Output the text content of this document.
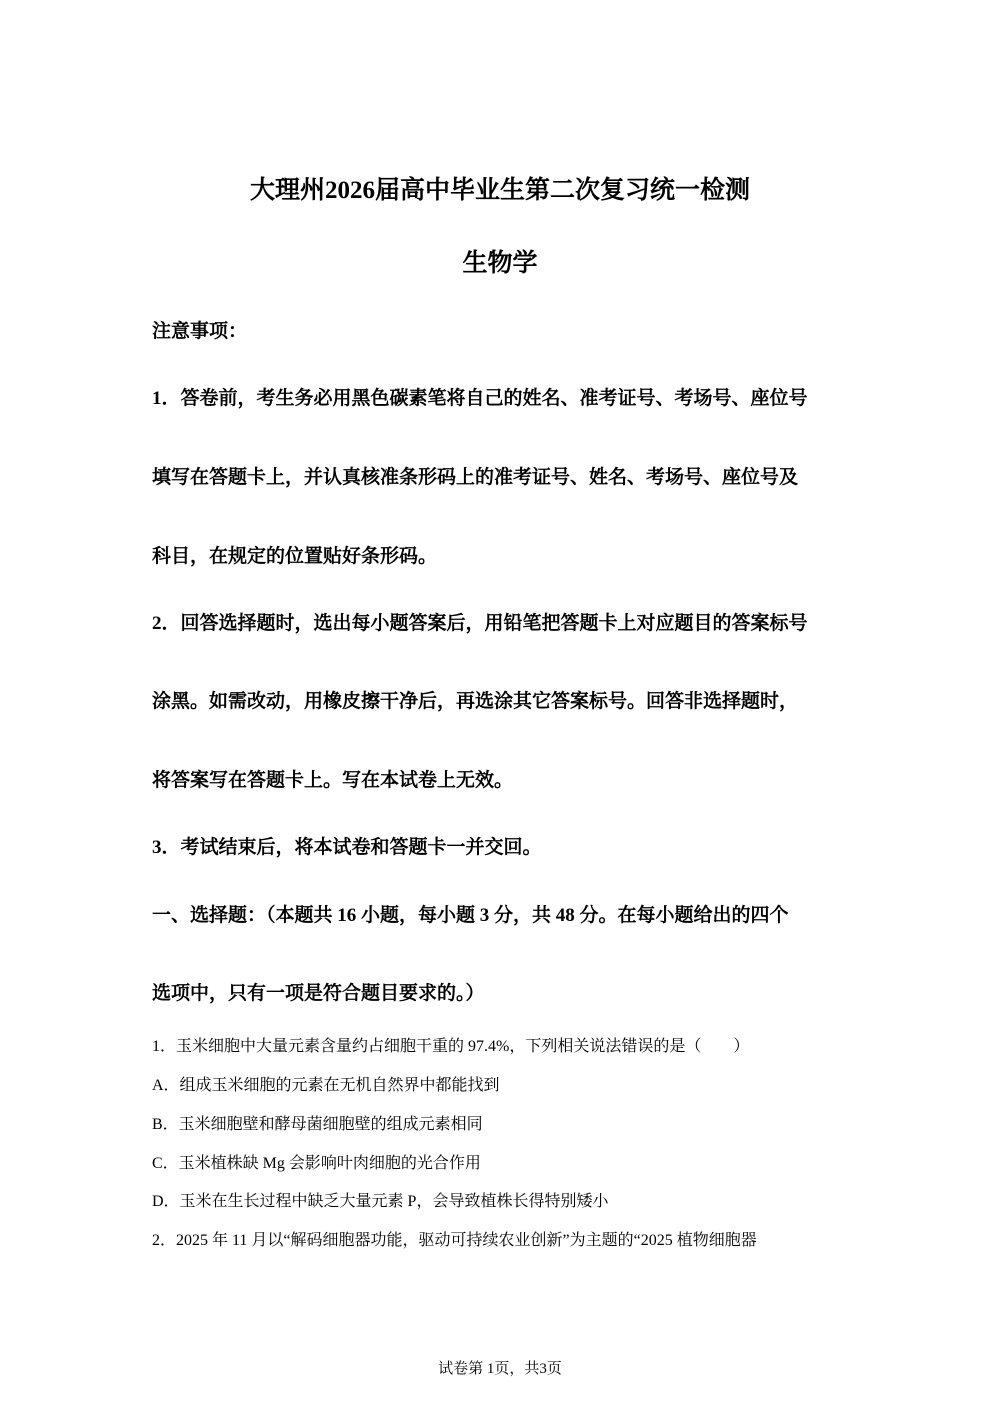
大理州2026届高中毕业生第二次复习统一检测
生物学
注意事项：
1．答卷前，考生务必用黑色碳素笔将自己的姓名、准考证号、考场号、座位号
填写在答题卡上，并认真核准条形码上的准考证号、姓名、考场号、座位号及
科目，在规定的位置贴好条形码。
2．回答选择题时，选出每小题答案后，用铅笔把答题卡上对应题目的答案标号
涂黑。如需改动，用橡皮擦干净后，再选涂其它答案标号。回答非选择题时，
将答案写在答题卡上。写在本试卷上无效。
3．考试结束后，将本试卷和答题卡一并交回。
一、选择题：（本题共 16 小题，每小题 3 分，共 48 分。在每小题给出的四个
选项中，只有一项是符合题目要求的。）
1．玉米细胞中大量元素含量约占细胞干重的 97.4%，下列相关说法错误的是（　　）
A．组成玉米细胞的元素在无机自然界中都能找到
B．玉米细胞壁和酵母菌细胞壁的组成元素相同
C．玉米植株缺 Mg 会影响叶肉细胞的光合作用
D．玉米在生长过程中缺乏大量元素 P，会导致植株长得特别矮小
2．2025 年 11 月以“解码细胞器功能，驱动可持续农业创新”为主题的“2025 植物细胞器
试卷第 1页，共3页
